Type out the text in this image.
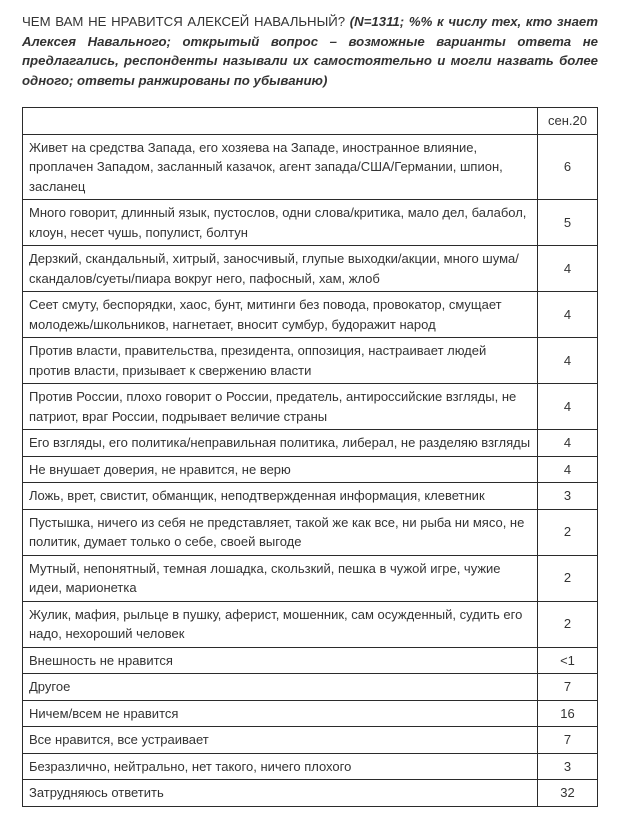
ЧЕМ ВАМ НЕ НРАВИТСЯ АЛЕКСЕЙ НАВАЛЬНЫЙ? (N=1311; %% к числу тех, кто знает Алексея Навального; открытый вопрос – возможные варианты ответа не предлагались, респонденты называли их самостоятельно и могли назвать более одного; ответы ранжированы по убыванию)
	сен.20
Живет на средства Запада, его хозяева на Западе, иностранное влияние, проплачен Западом, засланный казачок, агент запада/США/Германии, шпион, засланец	6
Много говорит, длинный язык, пустослов, одни слова/критика, мало дел, балабол, клоун, несет чушь, популист, болтун	5
Дерзкий, скандальный, хитрый, заносчивый, глупые выходки/акции, много шума/скандалов/суеты/пиара вокруг него, пафосный, хам, жлоб	4
Сеет смуту, беспорядки, хаос, бунт, митинги без повода, провокатор, смущает молодежь/школьников, нагнетает, вносит сумбур, будоражит народ	4
Против власти, правительства, президента, оппозиция, настраивает людей против власти, призывает к свержению власти	4
Против России, плохо говорит о России, предатель, антироссийские взгляды, не патриот, враг России, подрывает величие страны	4
Его взгляды, его политика/неправильная политика, либерал, не разделяю взгляды	4
Не внушает доверия, не нравится, не верю	4
Ложь, врет, свистит, обманщик, неподтвержденная информация, клеветник	3
Пустышка, ничего из себя не представляет, такой же как все, ни рыба ни мясо, не политик, думает только о себе, своей выгоде	2
Мутный, непонятный, темная лошадка, скользкий, пешка в чужой игре, чужие идеи, марионетка	2
Жулик, мафия, рыльце в пушку, аферист, мошенник, сам осужденный, судить его надо, нехороший человек	2
Внешность не нравится	<1
Другое	7
Ничем/всем не нравится	16
Все нравится, все устраивает	7
Безразлично, нейтрально, нет такого, ничего плохого	3
Затрудняюсь ответить	32
